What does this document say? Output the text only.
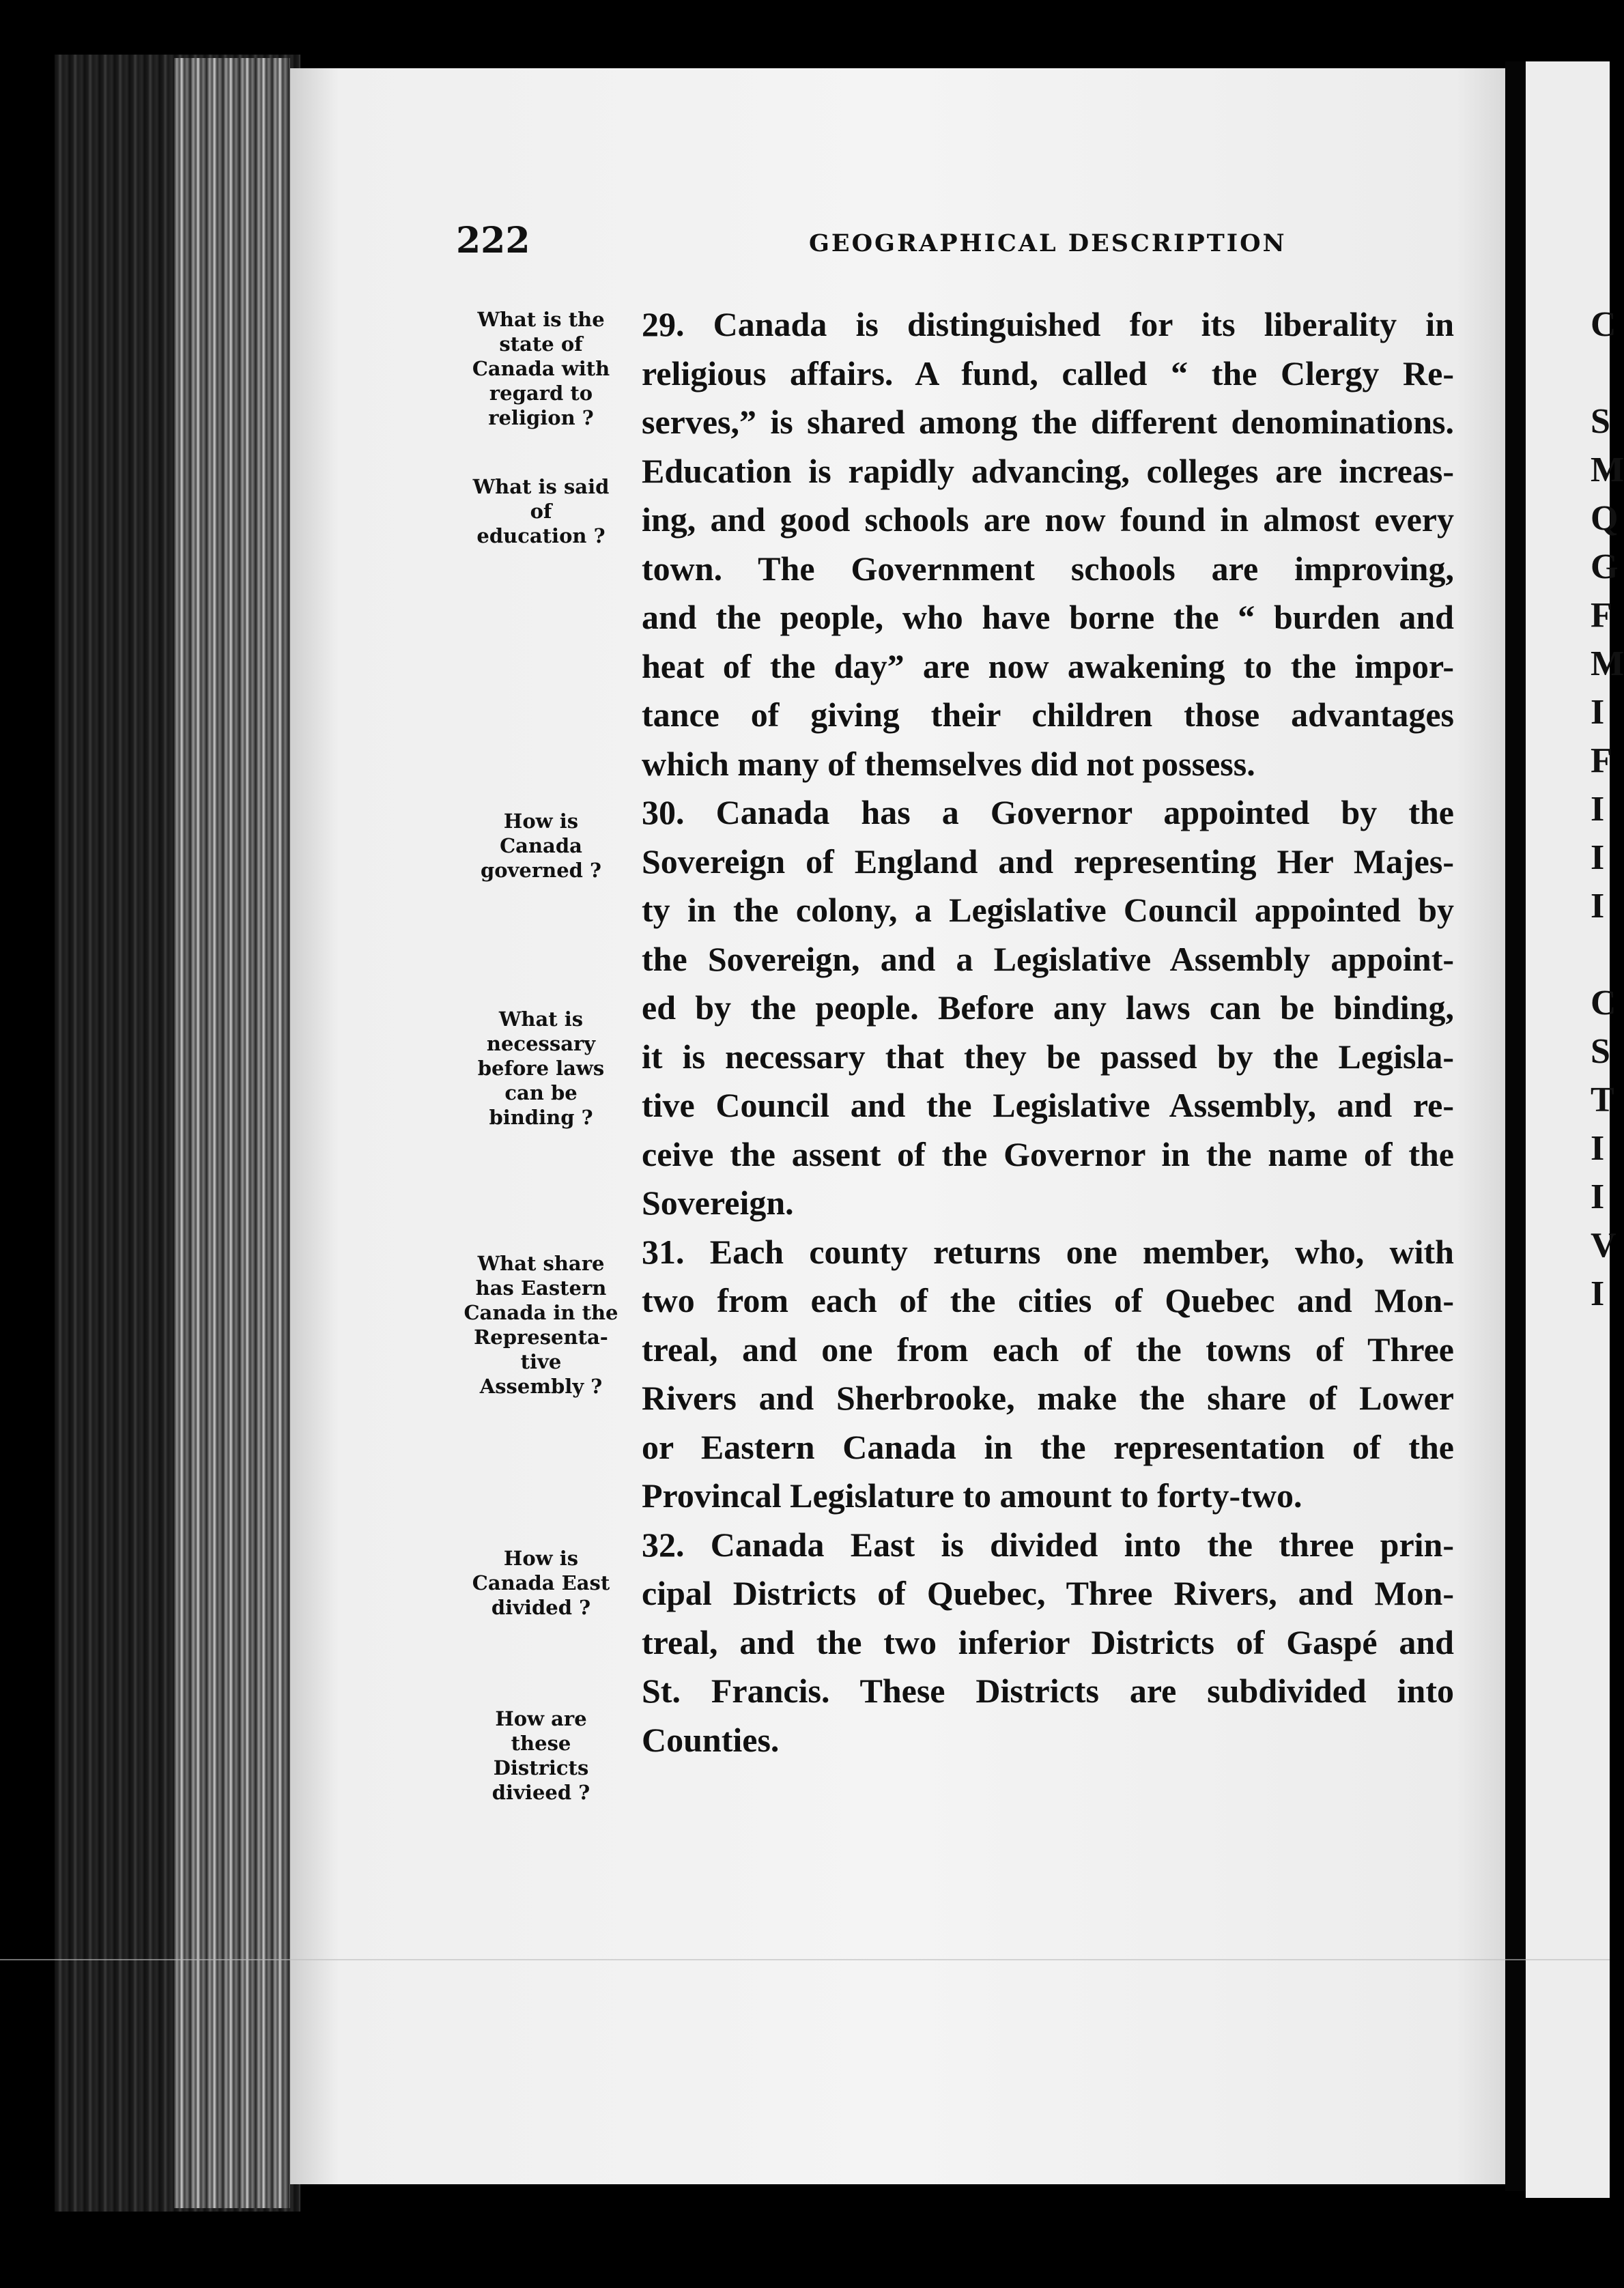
C
S
M
Q
G
F
M
I
F
I
I
I
C
S
T
I
I
V
I
222	GEOGRAPHICAL DESCRIPTION
What is the
state of
Canada with
regard to
religion ?
What is said
of
education ?
How is
Canada
governed ?
What is
necessary
before laws
can be
binding ?
What share
has Eastern
Canada in the
Representa-
tive
Assembly ?
How is
Canada East
divided ?
How are
these
Districts
divieed ?
29. Canada is distinguished for its liberality in
religious affairs. A fund, called “ the Clergy Re-
serves,” is shared among the different denominations.
Education is rapidly advancing, colleges are increas-
ing, and good schools are now found in almost every
town. The Government schools are improving,
and the people, who have borne the “ burden and
heat of the day” are now awakening to the impor-
tance of giving their children those advantages
which many of themselves did not possess.
30. Canada has a Governor appointed by the
Sovereign of England and representing Her Majes-
ty in the colony, a Legislative Council appointed by
the Sovereign, and a Legislative Assembly appoint-
ed by the people. Before any laws can be binding,
it is necessary that they be passed by the Legisla-
tive Council and the Legislative Assembly, and re-
ceive the assent of the Governor in the name of the
Sovereign.
31. Each county returns one member, who, with
two from each of the cities of Quebec and Mon-
treal, and one from each of the towns of Three
Rivers and Sherbrooke, make the share of Lower
or Eastern Canada in the representation of the
Provincal Legislature to amount to forty-two.
32. Canada East is divided into the three prin-
cipal Districts of Quebec, Three Rivers, and Mon-
treal, and the two inferior Districts of Gaspé and
St. Francis. These Districts are subdivided into
Counties.
